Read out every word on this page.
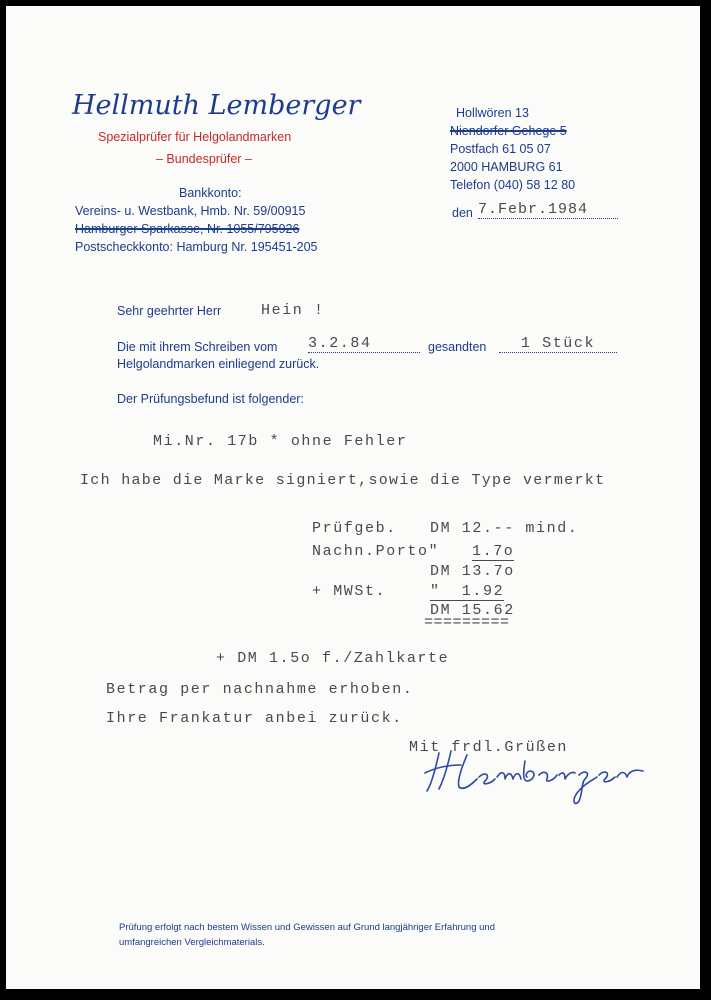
Hellmuth Lemberger
Spezialprüfer für Helgolandmarken
– Bundesprüfer –
Bankkonto:
Vereins- u. Westbank, Hmb. Nr. 59/00915
Hamburger Sparkasse, Nr. 1055/795926
Postscheckkonto: Hamburg Nr. 195451-205
Hollwören 13
Niendorfer Gehege 5
Postfach 61 05 07
2000 HAMBURG 61
Telefon (040) 58 12 80
den 7.Febr.1984
Sehr geehrter Herr	Hein !
Die mit ihrem Schreiben vom 3.2.84	gesandten	1 Stück
Helgolandmarken einliegend zurück.
Der Prüfungsbefund ist folgender:
Mi.Nr. 17b * ohne Fehler
Ich habe die Marke signiert,sowie die Type vermerkt
Prüfgeb. DM 12.-- mind.
Nachn.Porto" 1.7o
DM 13.7o
+ MWSt.	"  1.92
DM 15.62
=========
+ DM 1.5o f./Zahlkarte
Betrag per nachnahme erhoben.
Ihre Frankatur anbei zurück.
Mit frdl.Grüßen
Prüfung erfolgt nach bestem Wissen und Gewissen auf Grund langjähriger Erfahrung und
umfangreichen Vergleichmaterials.
